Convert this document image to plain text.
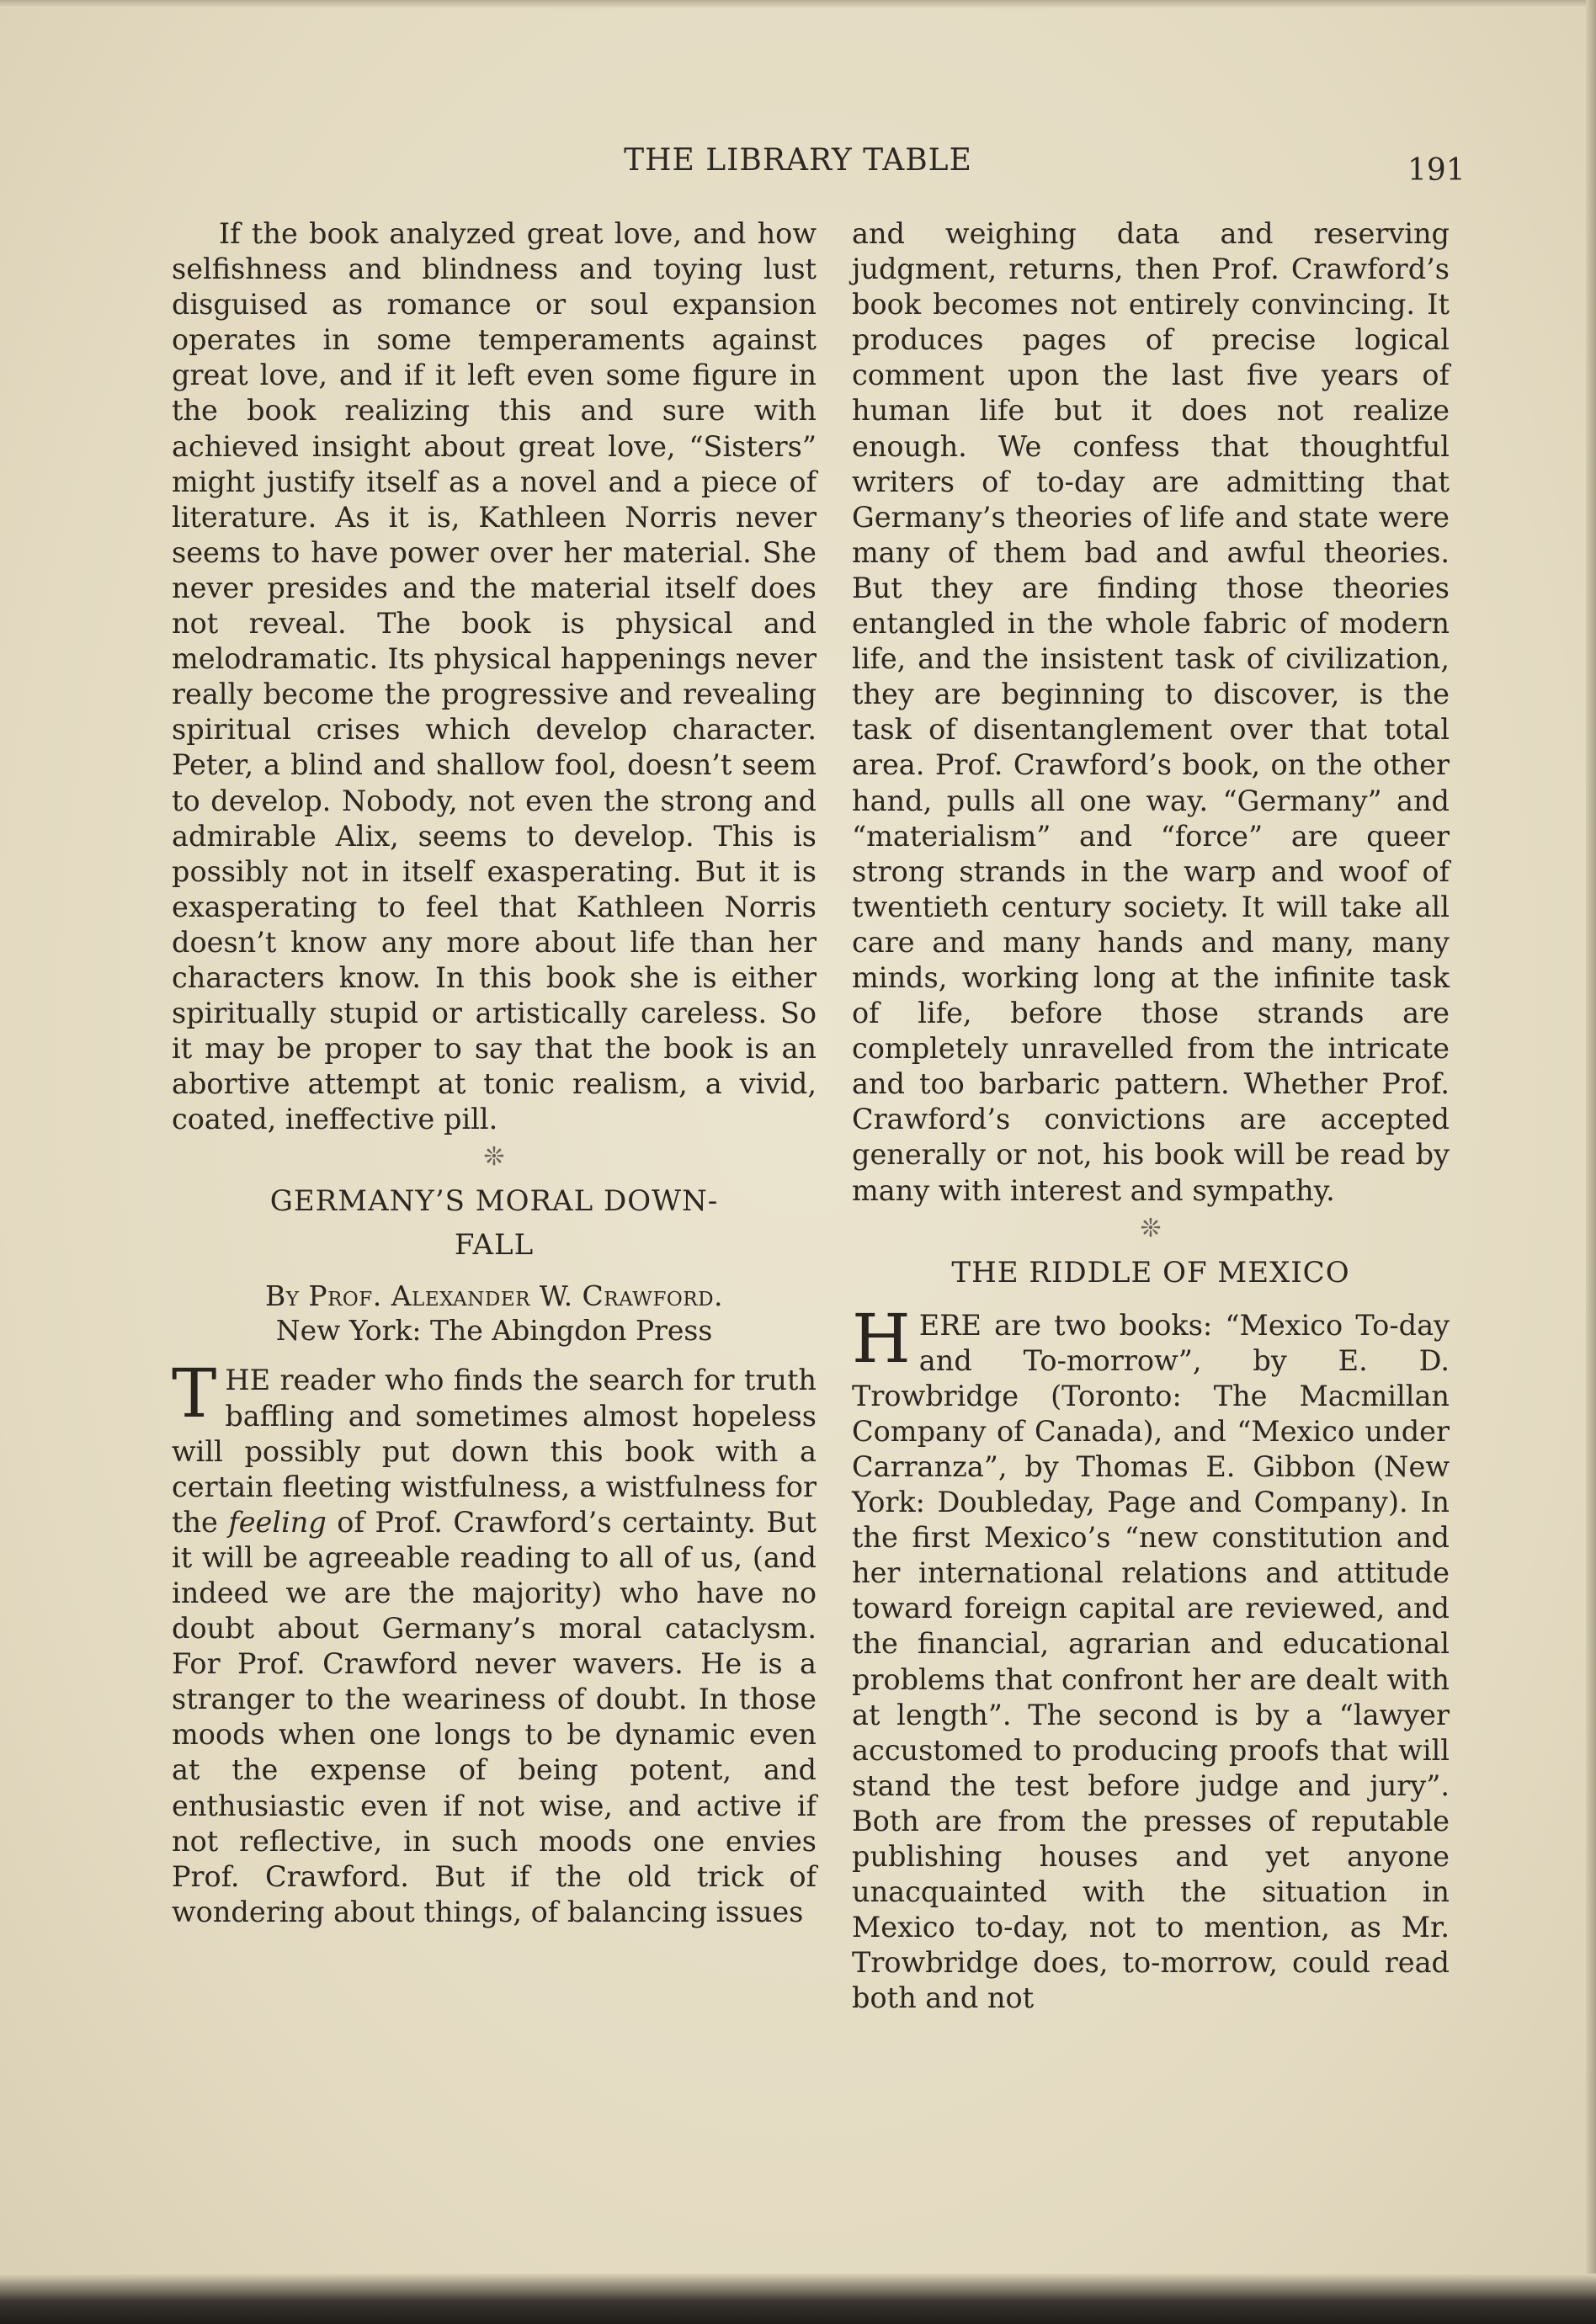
THE LIBRARY TABLE	191

If the book analyzed great love, and how selfishness and blindness and toying lust disguised as romance or soul expansion operates in some temperaments against great love, and if it left even some figure in the book realizing this and sure with achieved insight about great love, “Sisters” might justify itself as a novel and a piece of literature. As it is, Kathleen Norris never seems to have power over her material. She never presides and the material itself does not reveal. The book is physical and melodramatic. Its physical happenings never really become the progressive and revealing spiritual crises which develop character. Peter, a blind and shallow fool, doesn’t seem to develop. Nobody, not even the strong and admirable Alix, seems to develop. This is possibly not in itself exasperating. But it is exasperating to feel that Kathleen Norris doesn’t know any more about life than her characters know. In this book she is either spiritually stupid or artistically careless. So it may be proper to say that the book is an abortive attempt at tonic realism, a vivid, coated, ineffective pill.

❊

GERMANY’S MORAL DOWN-

FALL

By Prof. Alexander W. Crawford.
New York: The Abingdon Press

THE reader who finds the search for truth baffling and sometimes almost hopeless will possibly put down this book with a certain fleeting wistfulness, a wistfulness for the feeling of Prof. Crawford’s certainty. But it will be agreeable reading to all of us, (and indeed we are the majority) who have no doubt about Germany’s moral cataclysm. For Prof. Crawford never wavers. He is a stranger to the weariness of doubt. In those moods when one longs to be dynamic even at the expense of being potent, and enthusiastic even if not wise, and active if not reflective, in such moods one envies Prof. Crawford. But if the old trick of wondering about things, of balancing issues

and weighing data and reserving judgment, returns, then Prof. Crawford’s book becomes not entirely convincing. It produces pages of precise logical comment upon the last five years of human life but it does not realize enough. We confess that thoughtful writers of to-day are admitting that Germany’s theories of life and state were many of them bad and awful theories. But they are finding those theories entangled in the whole fabric of modern life, and the insistent task of civilization, they are beginning to discover, is the task of disentanglement over that total area. Prof. Crawford’s book, on the other hand, pulls all one way. “Germany” and “materialism” and “force” are queer strong strands in the warp and woof of twentieth century society. It will take all care and many hands and many, many minds, working long at the infinite task of life, before those strands are completely unravelled from the intricate and too barbaric pattern. Whether Prof. Crawford’s convictions are accepted generally or not, his book will be read by many with interest and sympathy.

❊

THE RIDDLE OF MEXICO

HERE are two books: “Mexico To-day and To-morrow”, by E. D. Trowbridge (Toronto: The Macmillan Company of Canada), and “Mexico under Carranza”, by Thomas E. Gibbon (New York: Doubleday, Page and Company). In the first Mexico’s “new constitution and her international relations and attitude toward foreign capital are reviewed, and the financial, agrarian and educational problems that confront her are dealt with at length”. The second is by a “lawyer accustomed to producing proofs that will stand the test before judge and jury”. Both are from the presses of reputable publishing houses and yet anyone unacquainted with the situation in Mexico to-day, not to mention, as Mr. Trowbridge does, to-morrow, could read both and not
